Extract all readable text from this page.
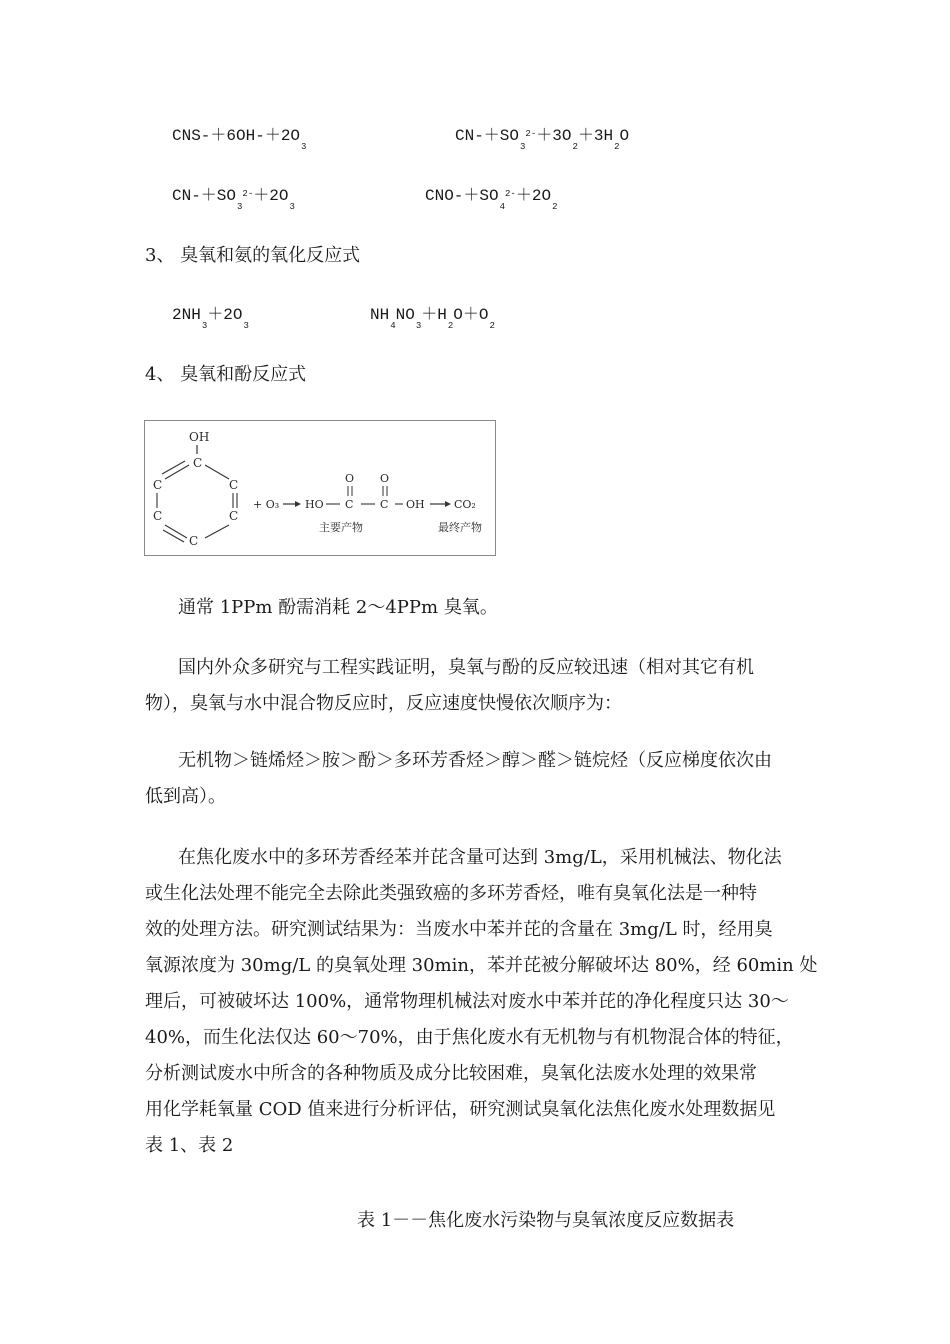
CNS-$+6OH-+2O_3$
$CN-+SO_3^{2-}+3O_2+3H_2O$
$CN-+SO_3^{2-}+2O_3$
CNO-$+SO_4^{2-}+2O_2$
3、 臭氧和氨的氧化反应式
$2NH_3+2O_3$
$NH_4NO_3+H_2O+O_2$
4、 臭氧和酚反应式
OH
C
C	C
C	C
C
+ O₃ HO C
O
C
O
OH	CO₂
主要产物	最终产物
通常 1PPm 酚需消耗 2～4PPm 臭氧。
国内外众多研究与工程实践证明，臭氧与酚的反应较迅速（相对其它有机
物），臭氧与水中混合物反应时，反应速度快慢依次顺序为：
无机物＞链烯烃＞胺＞酚＞多环芳香烃＞醇＞醛＞链烷烃（反应梯度依次由
低到高）。
在焦化废水中的多环芳香经苯并芘含量可达到 3mg/L，采用机械法、物化法
或生化法处理不能完全去除此类强致癌的多环芳香烃，唯有臭氧化法是一种特
效的处理方法。研究测试结果为：当废水中苯并芘的含量在 3mg/L 时，经用臭
氧源浓度为 30mg/L 的臭氧处理 30min，苯并芘被分解破坏达 80%，经 60min 处
理后，可被破坏达 100%，通常物理机械法对废水中苯并芘的净化程度只达 30～
40%，而生化法仅达 60～70%，由于焦化废水有无机物与有机物混合体的特征，
分析测试废水中所含的各种物质及成分比较困难，臭氧化法废水处理的效果常
用化学耗氧量 COD 值来进行分析评估，研究测试臭氧化法焦化废水处理数据见
表 1、表 2
表 1－－焦化废水污染物与臭氧浓度反应数据表
